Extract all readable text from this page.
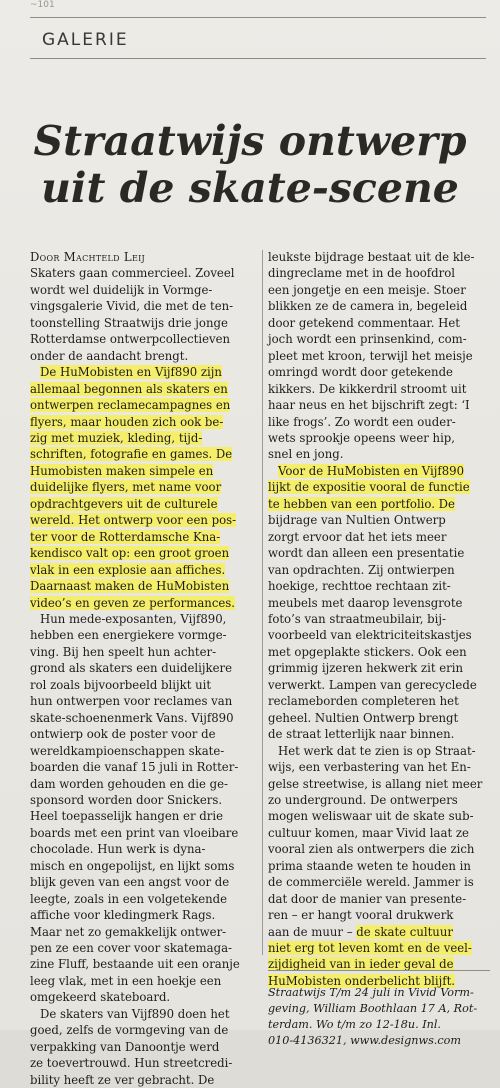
~101
GALERIE
Straatwijs ontwerp
uit de skate-scene
Door Machteld Leij
Skaters gaan commercieel. Zoveel
wordt wel duidelijk in Vormge-
vingsgalerie Vivid, die met de ten-
toonstelling Straatwijs drie jonge
Rotterdamse ontwerpcollectieven
onder de aandacht brengt.
De HuMobisten en Vijf890 zijn
allemaal begonnen als skaters en
ontwerpen reclamecampagnes en
flyers, maar houden zich ook be-
zig met muziek, kleding, tijd-
schriften, fotografie en games. De
Humobisten maken simpele en
duidelijke flyers, met name voor
opdrachtgevers uit de culturele
wereld. Het ontwerp voor een pos-
ter voor de Rotterdamsche Kna-
kendisco valt op: een groot groen
vlak in een explosie aan affiches.
Daarnaast maken de HuMobisten
video’s en geven ze performances.
Hun mede-exposanten, Vijf890,
hebben een energiekere vormge-
ving. Bij hen speelt hun achter-
grond als skaters een duidelijkere
rol zoals bijvoorbeeld blijkt uit
hun ontwerpen voor reclames van
skate-schoenenmerk Vans. Vijf890
ontwierp ook de poster voor de
wereldkampioenschappen skate-
boarden die vanaf 15 juli in Rotter-
dam worden gehouden en die ge-
sponsord worden door Snickers.
Heel toepasselijk hangen er drie
boards met een print van vloeibare
chocolade. Hun werk is dyna-
misch en ongepolijst, en lijkt soms
blijk geven van een angst voor de
leegte, zoals in een volgetekende
affiche voor kledingmerk Rags.
Maar net zo gemakkelijk ontwer-
pen ze een cover voor skatemaga-
zine Fluff, bestaande uit een oranje
leeg vlak, met in een hoekje een
omgekeerd skateboard.
De skaters van Vijf890 doen het
goed, zelfs de vormgeving van de
verpakking van Danoontje werd
ze toevertrouwd. Hun streetcredi-
bility heeft ze ver gebracht. De
leukste bijdrage bestaat uit de kle-
dingreclame met in de hoofdrol
een jongetje en een meisje. Stoer
blikken ze de camera in, begeleid
door getekend commentaar. Het
joch wordt een prinsenkind, com-
pleet met kroon, terwijl het meisje
omringd wordt door getekende
kikkers. De kikkerdril stroomt uit
haar neus en het bijschrift zegt: ‘I
like frogs’. Zo wordt een ouder-
wets sprookje opeens weer hip,
snel en jong.
Voor de HuMobisten en Vijf890
lijkt de expositie vooral de functie
te hebben van een portfolio. De
bijdrage van Nultien Ontwerp
zorgt ervoor dat het iets meer
wordt dan alleen een presentatie
van opdrachten. Zij ontwierpen
hoekige, rechttoe rechtaan zit-
meubels met daarop levensgrote
foto’s van straatmeubilair, bij-
voorbeeld van elektriciteitskastjes
met opgeplakte stickers. Ook een
grimmig ijzeren hekwerk zit erin
verwerkt. Lampen van gerecyclede
reclameborden completeren het
geheel. Nultien Ontwerp brengt
de straat letterlijk naar binnen.
Het werk dat te zien is op Straat-
wijs, een verbastering van het En-
gelse streetwise, is allang niet meer
zo underground. De ontwerpers
mogen weliswaar uit de skate sub-
cultuur komen, maar Vivid laat ze
vooral zien als ontwerpers die zich
prima staande weten te houden in
de commerciële wereld. Jammer is
dat door de manier van presente-
ren – er hangt vooral drukwerk
aan de muur – de skate cultuur
niet erg tot leven komt en de veel-
zijdigheid van in ieder geval de
HuMobisten onderbelicht blijft.
Straatwijs T/m 24 juli in Vivid Vorm-
geving, William Boothlaan 17 A, Rot-
terdam. Wo t/m zo 12-18u. Inl.
010-4136321, www.designws.com
